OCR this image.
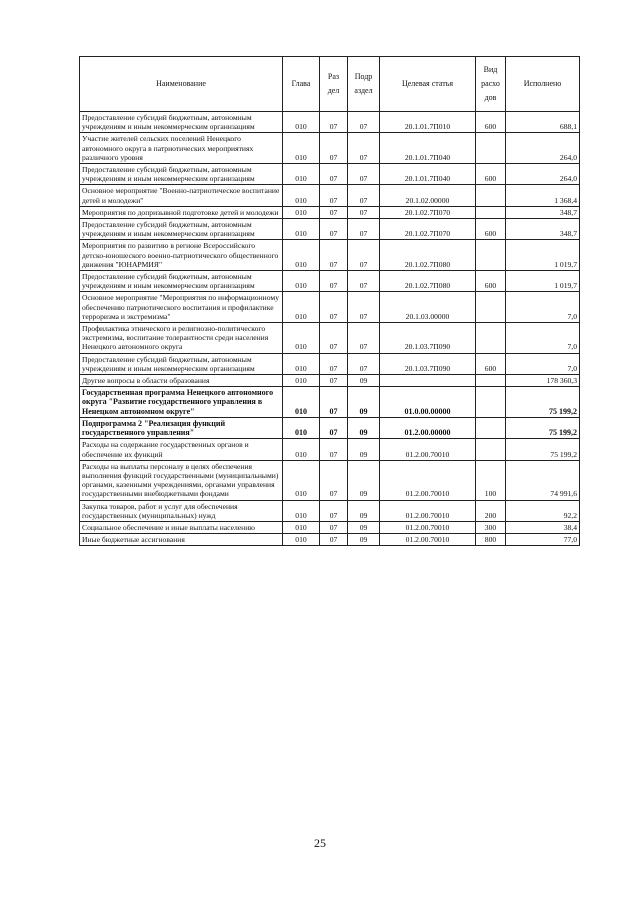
Наименование	Глава	Раз дел	Подр аздел	Целевая статья	Вид расхо дов	Исполнено
Предоставление субсидий бюджетным, автономным учреждениям и иным некоммерческим организациям	010	07	07	20.1.01.7П010	600	688,1
Участие жителей сельских поселений Ненецкого автономного округа в патриотических мероприятиях различного уровня	010	07	07	20.1.01.7П040		264,0
Предоставление субсидий бюджетным, автономным учреждениям и иным некоммерческим организациям	010	07	07	20.1.01.7П040	600	264,0
Основное мероприятие "Военно-патриотическое воспитание детей и молодежи"	010	07	07	20.1.02.00000		1 368,4
Мероприятия по допризывной подготовке детей и молодежи	010	07	07	20.1.02.7П070		348,7
Предоставление субсидий бюджетным, автономным учреждениям и иным некоммерческим организациям	010	07	07	20.1.02.7П070	600	348,7
Мероприятия по развитию в регионе Всероссийского детско-юношеского военно-патриотического общественного движения "ЮНАРМИЯ"	010	07	07	20.1.02.7П080		1 019,7
Предоставление субсидий бюджетным, автономным учреждениям и иным некоммерческим организациям	010	07	07	20.1.02.7П080	600	1 019,7
Основное мероприятие "Мероприятия по информационному обеспечению патриотического воспитания и профилактике терроризма и экстремизма"	010	07	07	20.1.03.00000		7,0
Профилактика этнического и религиозно-политического экстремизма, воспитание толерантности среди населения Ненецкого автономного округа	010	07	07	20.1.03.7П090		7,0
Предоставление субсидий бюджетным, автономным учреждениям и иным некоммерческим организациям	010	07	07	20.1.03.7П090	600	7,0
Другие вопросы в области образования	010	07	09			178 360,3
Государственная программа Ненецкого автономного округа "Развитие государственного управления в Ненецком автономном округе"	010	07	09	01.0.00.00000		75 199,2
Подпрограмма 2 "Реализация функций государственного управления"	010	07	09	01.2.00.00000		75 199,2
Расходы на содержание государственных органов и обеспечение их функций	010	07	09	01.2.00.70010		75 199,2
Расходы на выплаты персоналу в целях обеспечения выполнения функций государственными (муниципальными) органами, казенными учреждениями, органами управления государственными внебюджетными фондами	010	07	09	01.2.00.70010	100	74 991,6
Закупка товаров, работ и услуг для обеспечения государственных (муниципальных) нужд	010	07	09	01.2.00.70010	200	92,2
Социальное обеспечение и иные выплаты населению	010	07	09	01.2.00.70010	300	38,4
Иные бюджетные ассигнования	010	07	09	01.2.00.70010	800	77,0
25
